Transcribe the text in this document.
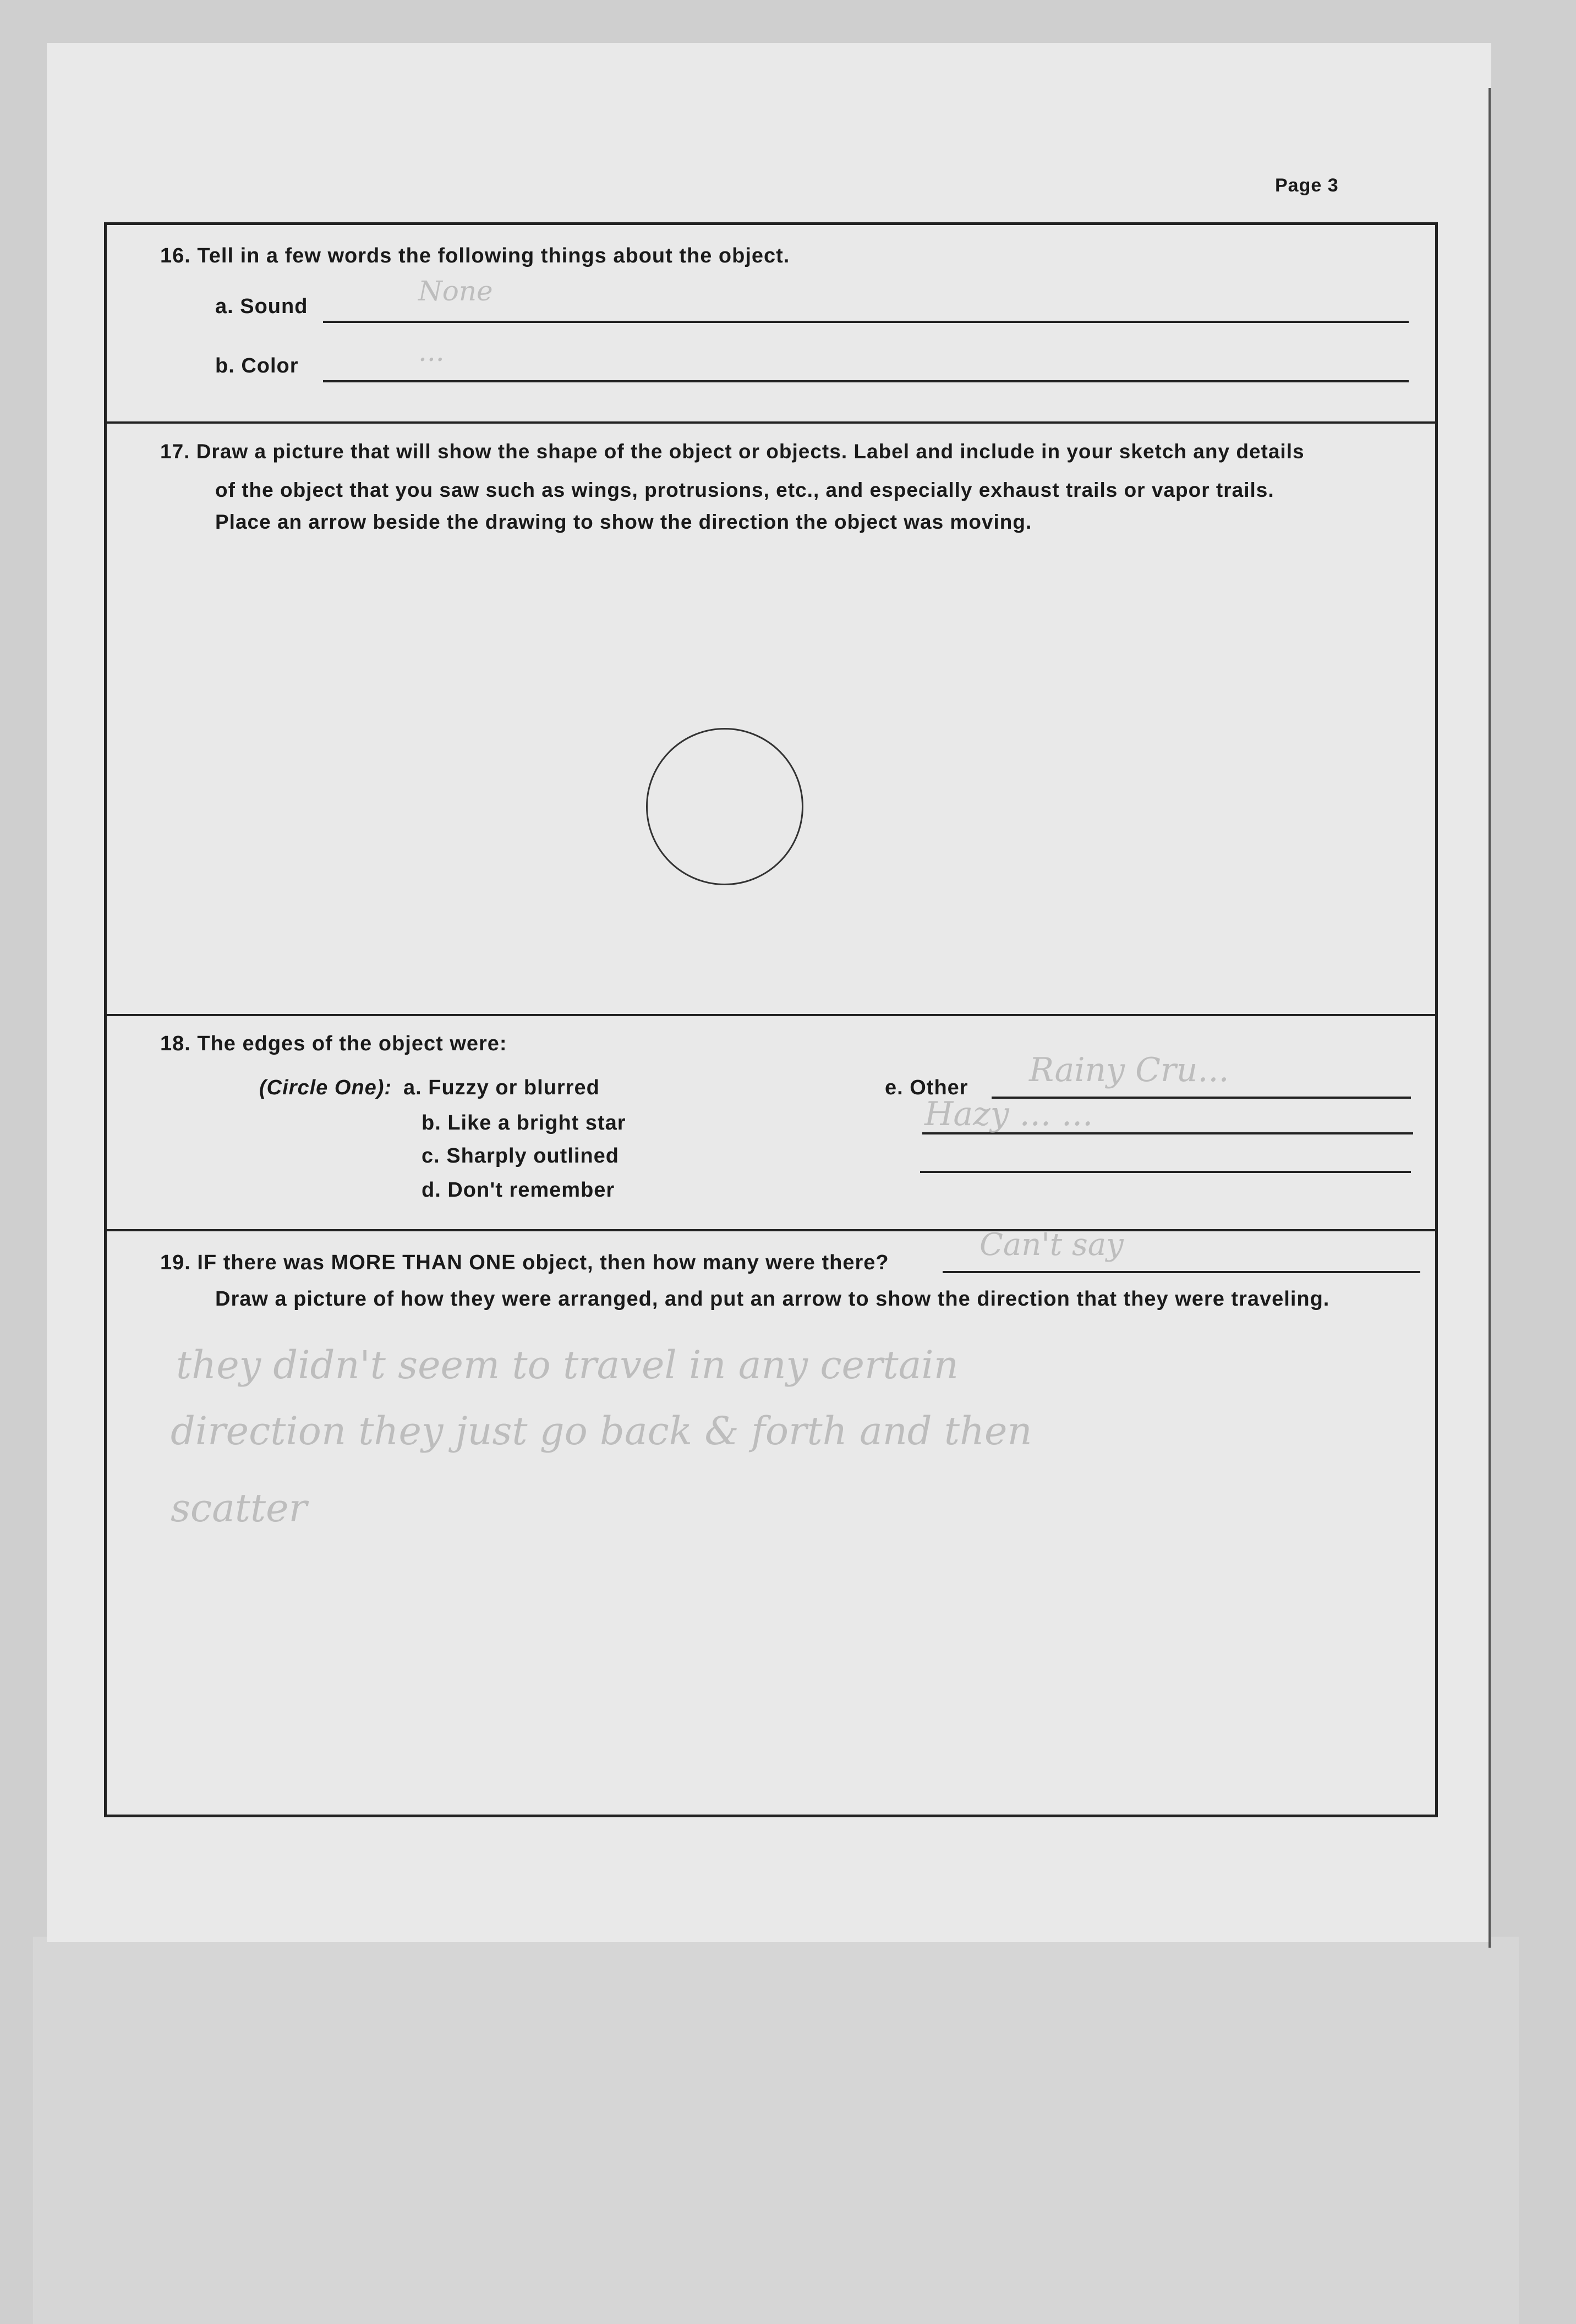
Page 3
16. Tell in a few words the following things about the object.
a. Sound	None
b. Color	...
17. Draw a picture that will show the shape of the object or objects. Label and include in your sketch any details
of the object that you saw such as wings, protrusions, etc., and especially exhaust trails or vapor trails.
Place an arrow beside the drawing to show the direction the object was moving.
18. The edges of the object were:
(Circle One): a. Fuzzy or blurred
b. Like a bright star
c. Sharply outlined
d. Don't remember
e. Other Rainy Cru...
Hazy ... ...
19. IF there was MORE THAN ONE object, then how many were there?	Can't say
Draw a picture of how they were arranged, and put an arrow to show the direction that they were traveling.
they didn't seem to travel in any certain
direction they just go back & forth and then
scatter
